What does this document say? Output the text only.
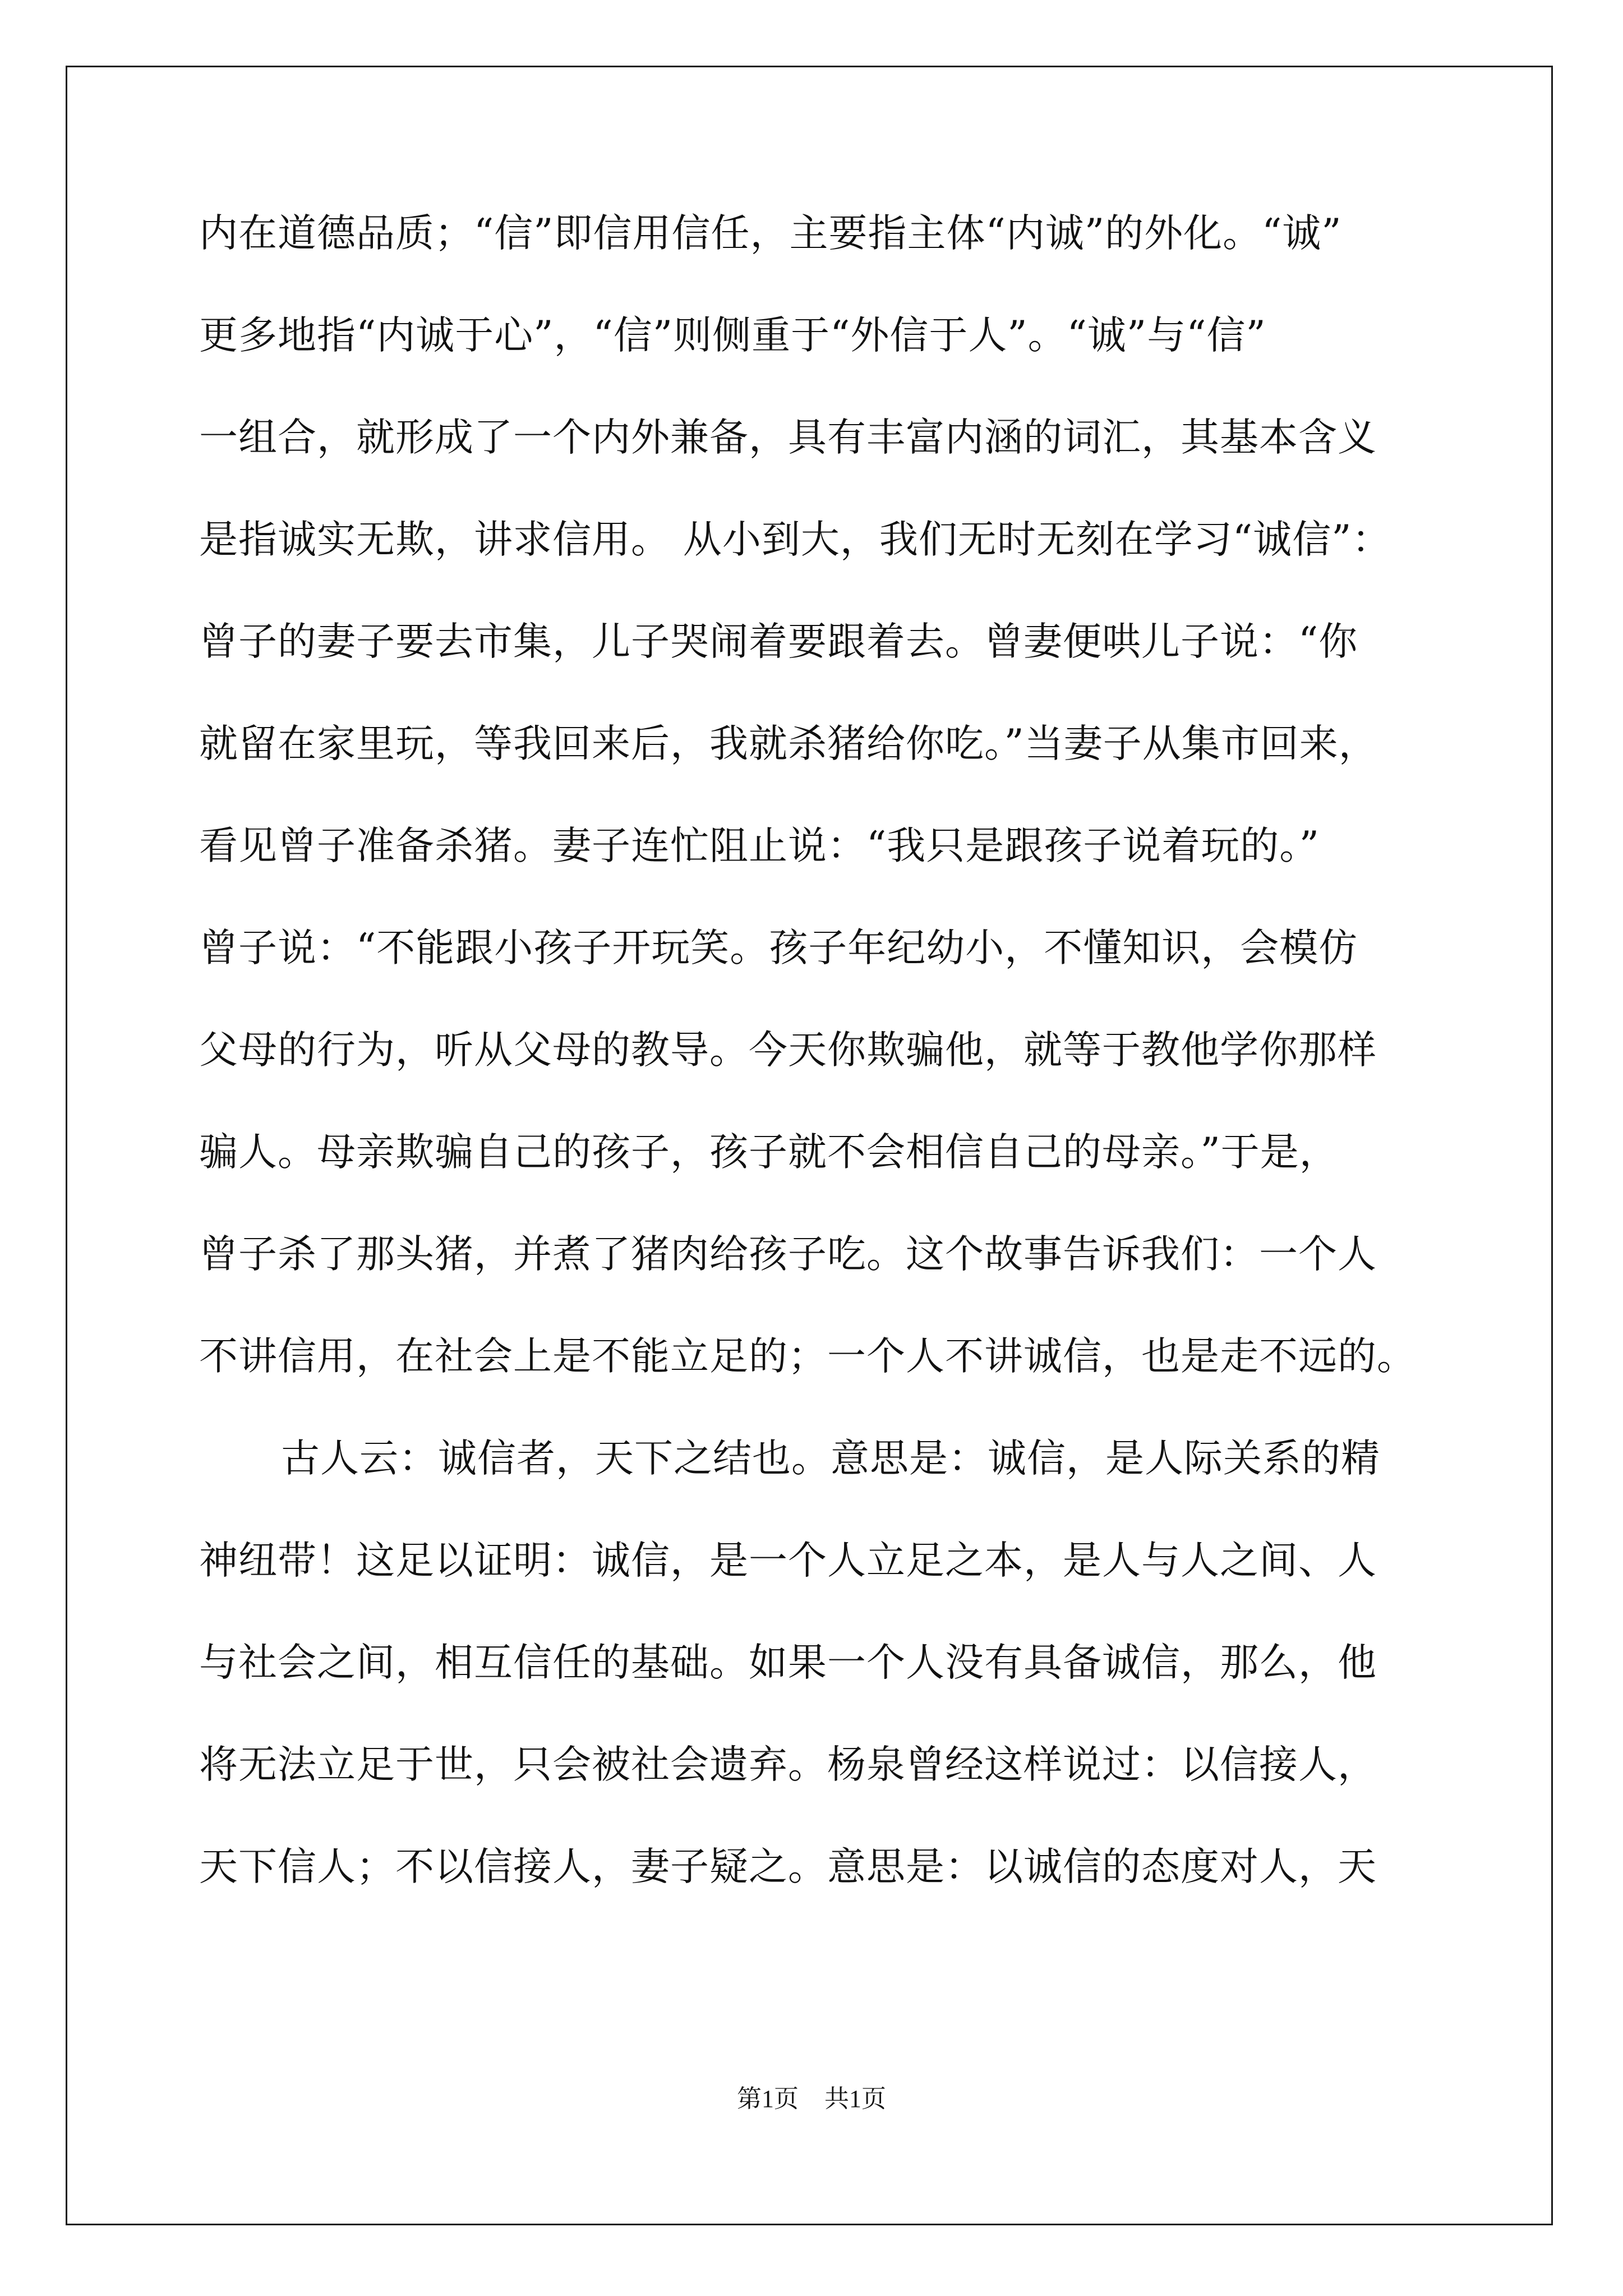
内在道德品质；“信”即信用信任，主要指主体“内诚”的外化。“诚”
更多地指“内诚于心”，“信”则侧重于“外信于人”。“诚”与“信”
一组合，就形成了一个内外兼备，具有丰富内涵的词汇，其基本含义
是指诚实无欺，讲求信用。 从小到大，我们无时无刻在学习“诚信”：
曾子的妻子要去市集，儿子哭闹着要跟着去。曾妻便哄儿子说：“你
就留在家里玩，等我回来后，我就杀猪给你吃。”当妻子从集市回来，
看见曾子准备杀猪。妻子连忙阻止说：“我只是跟孩子说着玩的。”
曾子说：“不能跟小孩子开玩笑。孩子年纪幼小，不懂知识，会模仿
父母的行为，听从父母的教导。今天你欺骗他，就等于教他学你那样
骗人。母亲欺骗自己的孩子，孩子就不会相信自己的母亲。”于是，
曾子杀了那头猪，并煮了猪肉给孩子吃。这个故事告诉我们：一个人
不讲信用，在社会上是不能立足的；一个人不讲诚信，也是走不远的。
古人云：诚信者，天下之结也。意思是：诚信，是人际关系的精
神纽带！这足以证明：诚信，是一个人立足之本，是人与人之间、人
与社会之间，相互信任的基础。如果一个人没有具备诚信，那么，他
将无法立足于世，只会被社会遗弃。杨泉曾经这样说过：以信接人，
天下信人；不以信接人，妻子疑之。意思是：以诚信的态度对人，天
第1页 共1页
